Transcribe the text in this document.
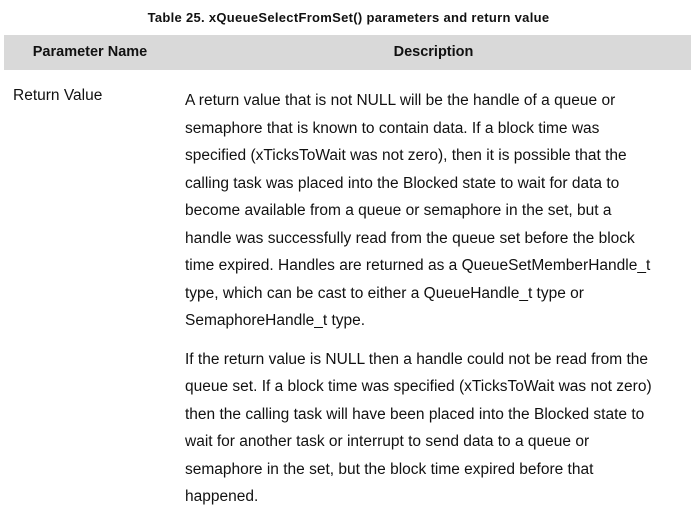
Table 25. xQueueSelectFromSet() parameters and return value
Parameter Name	Description
Return Value	A return value that is not NULL will be the handle of a queue or
semaphore that is known to contain data. If a block time was
specified (xTicksToWait was not zero), then it is possible that the
calling task was placed into the Blocked state to wait for data to
become available from a queue or semaphore in the set, but a
handle was successfully read from the queue set before the block
time expired. Handles are returned as a QueueSetMemberHandle_t
type, which can be cast to either a QueueHandle_t type or
SemaphoreHandle_t type.
If the return value is NULL then a handle could not be read from the
queue set. If a block time was specified (xTicksToWait was not zero)
then the calling task will have been placed into the Blocked state to
wait for another task or interrupt to send data to a queue or
semaphore in the set, but the block time expired before that
happened.
